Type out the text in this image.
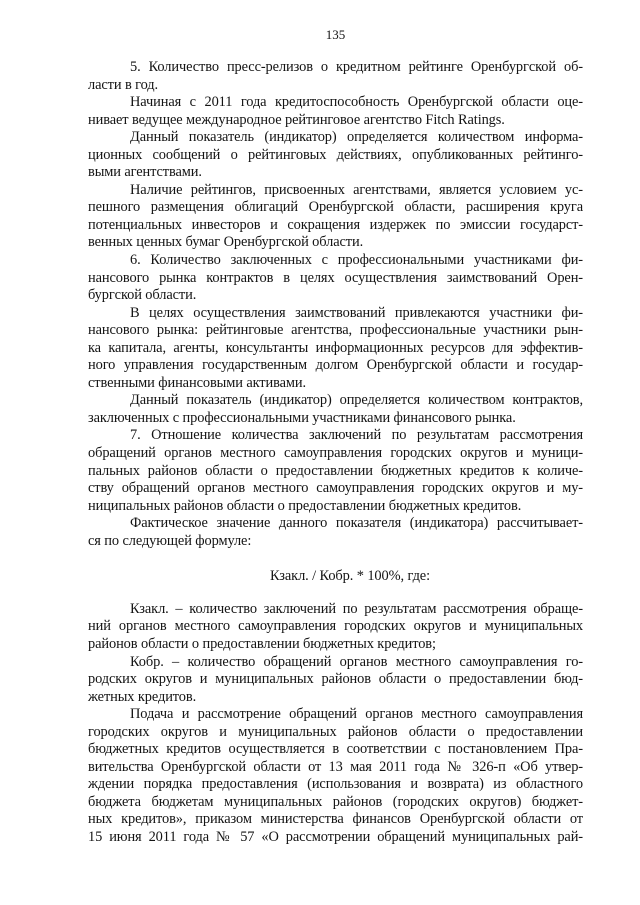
135
5. Количество пресс-релизов о кредитном рейтинге Оренбургской об-
ласти в год.
Начиная с 2011 года кредитоспособность Оренбургской области оце-
нивает ведущее международное рейтинговое агентство Fitch Ratings.
Данный показатель (индикатор) определяется количеством информа-
ционных сообщений о рейтинговых действиях, опубликованных рейтинго-
выми агентствами.
Наличие рейтингов, присвоенных агентствами, является условием ус-
пешного размещения облигаций Оренбургской области, расширения круга
потенциальных инвесторов и сокращения издержек по эмиссии государст-
венных ценных бумаг Оренбургской области.
6. Количество заключенных с профессиональными участниками фи-
нансового рынка контрактов в целях осуществления заимствований Орен-
бургской области.
В целях осуществления заимствований привлекаются участники фи-
нансового рынка: рейтинговые агентства, профессиональные участники рын-
ка капитала, агенты, консультанты информационных ресурсов для эффектив-
ного управления государственным долгом Оренбургской области и государ-
ственными финансовыми активами.
Данный показатель (индикатор) определяется количеством контрактов,
заключенных с профессиональными участниками финансового рынка.
7. Отношение количества заключений по результатам рассмотрения
обращений органов местного самоуправления городских округов и муници-
пальных районов области о предоставлении бюджетных кредитов к количе-
ству обращений органов местного самоуправления городских округов и му-
ниципальных районов области о предоставлении бюджетных кредитов.
Фактическое значение данного показателя (индикатора) рассчитывает-
ся по следующей формуле:
Кзакл. / Кобр. * 100%, где:
Кзакл. – количество заключений по результатам рассмотрения обраще-
ний органов местного самоуправления городских округов и муниципальных
районов области о предоставлении бюджетных кредитов;
Кобр. – количество обращений органов местного самоуправления го-
родских округов и муниципальных районов области о предоставлении бюд-
жетных кредитов.
Подача и рассмотрение обращений органов местного самоуправления
городских округов и муниципальных районов области о предоставлении
бюджетных кредитов осуществляется в соответствии с постановлением Пра-
вительства Оренбургской области от 13 мая 2011 года № 326-п «Об утвер-
ждении порядка предоставления (использования и возврата) из областного
бюджета бюджетам муниципальных районов (городских округов) бюджет-
ных кредитов», приказом министерства финансов Оренбургской области от
15 июня 2011 года № 57 «О рассмотрении обращений муниципальных рай-
